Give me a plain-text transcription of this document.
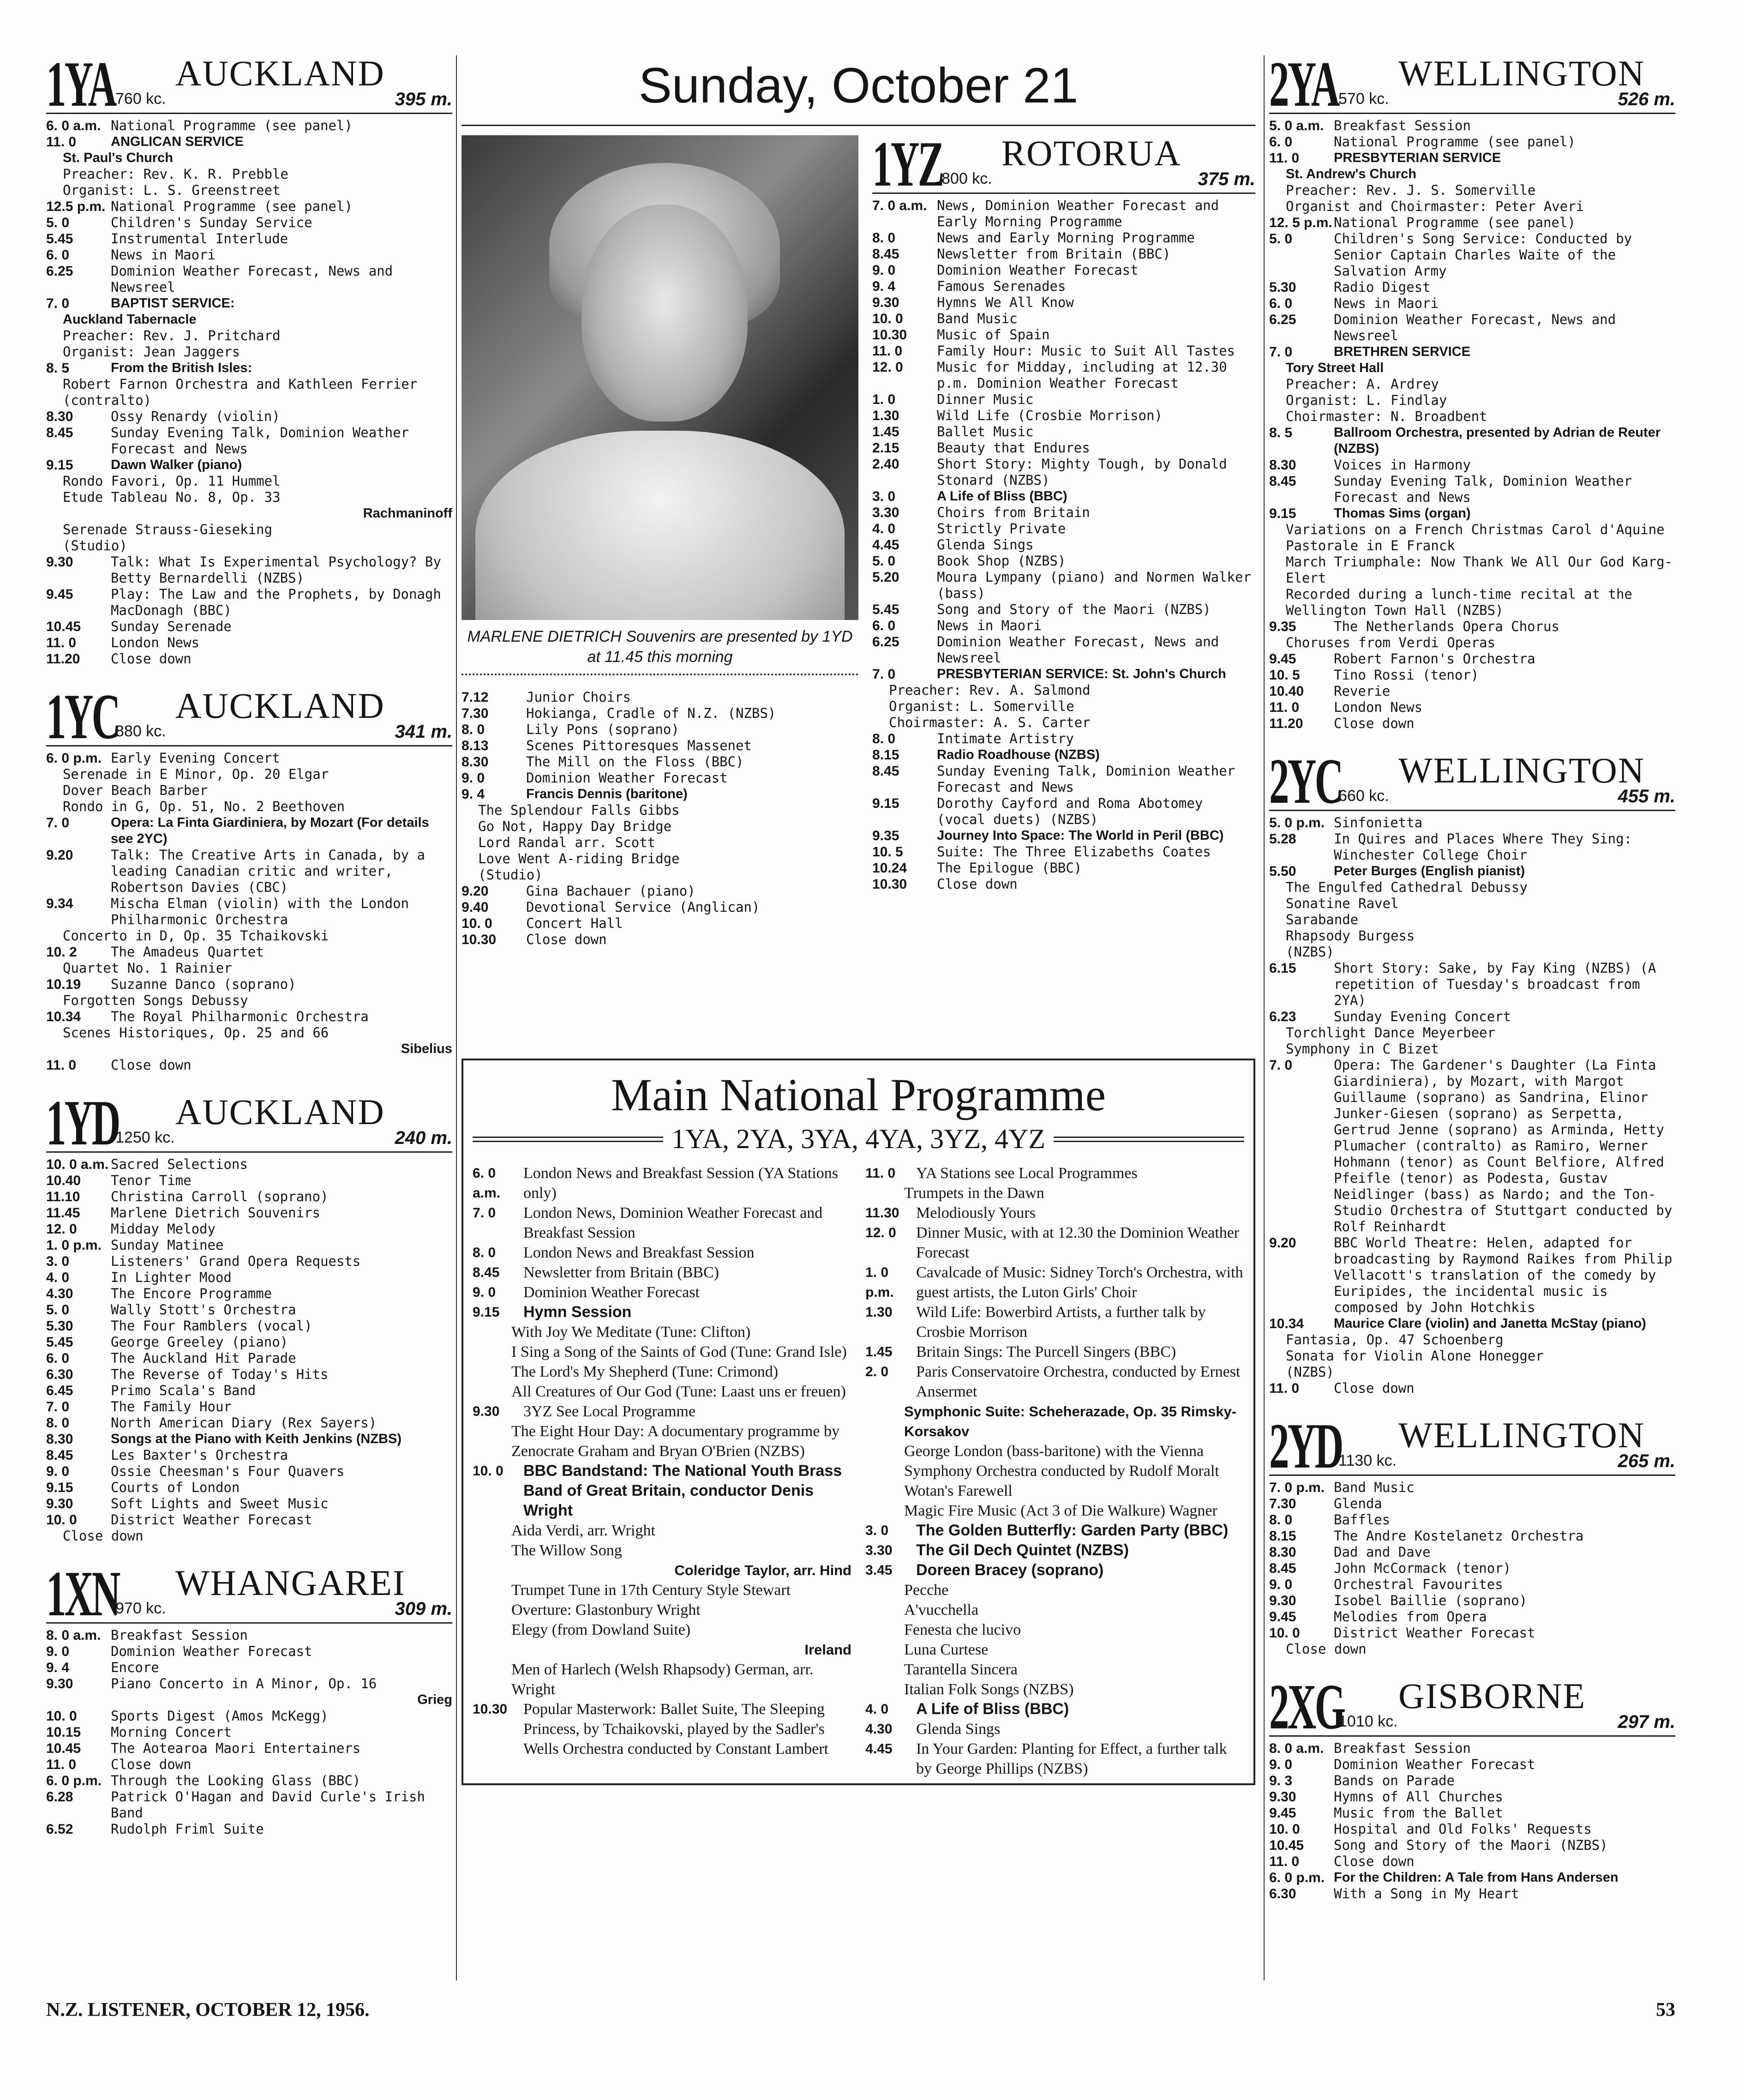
1YA 760 kc.
AUCKLAND
395 m.
6. 0 a.m. National Programme (see panel)
11. 0	ANGLICAN SERVICE
St. Paul's Church
Preacher: Rev. K. R. Prebble
Organist: L. S. Greenstreet
12.5 p.m. National Programme (see panel)
5. 0	Children's Sunday Service
5.45	Instrumental Interlude
6. 0	News in Maori
6.25	Dominion Weather Forecast, News and Newsreel
7. 0	BAPTIST SERVICE:
Auckland Tabernacle
Preacher: Rev. J. Pritchard
Organist: Jean Jaggers
8. 5	From the British Isles:
Robert Farnon Orchestra and Kathleen Ferrier (contralto)
8.30	Ossy Renardy (violin)
8.45	Sunday Evening Talk, Dominion Weather Forecast and News
9.15	Dawn Walker (piano)
Rondo Favori, Op. 11 Hummel
Etude Tableau No. 8, Op. 33
Rachmaninoff
Serenade Strauss-Gieseking
(Studio)
9.30	Talk: What Is Experimental Psychology? By Betty Bernardelli (NZBS)
9.45	Play: The Law and the Prophets, by Donagh MacDonagh (BBC)
10.45	Sunday Serenade
11. 0	London News
11.20	Close down
1YC
880 kc.
AUCKLAND
341 m.
6. 0 p.m. Early Evening Concert
Serenade in E Minor, Op. 20 Elgar
Dover Beach Barber
Rondo in G, Op. 51, No. 2 Beethoven
7. 0	Opera: La Finta Giardiniera, by Mozart (For details see 2YC)
9.20	Talk: The Creative Arts in Canada, by a leading Canadian critic and writer, Robertson Davies (CBC)
9.34	Mischa Elman (violin) with the London Philharmonic Orchestra
Concerto in D, Op. 35 Tchaikovski
10. 2	The Amadeus Quartet
Quartet No. 1 Rainier
10.19	Suzanne Danco (soprano)
Forgotten Songs Debussy
10.34	The Royal Philharmonic Orchestra
Scenes Historiques, Op. 25 and 66
Sibelius
11. 0	Close down
1YD
1250 kc.
AUCKLAND
240 m.
10. 0 a.m. Sacred Selections
10.40	Tenor Time
11.10	Christina Carroll (soprano)
11.45	Marlene Dietrich Souvenirs
12. 0	Midday Melody
1. 0 p.m. Sunday Matinee
3. 0	Listeners' Grand Opera Requests
4. 0	In Lighter Mood
4.30	The Encore Programme
5. 0	Wally Stott's Orchestra
5.30	The Four Ramblers (vocal)
5.45	George Greeley (piano)
6. 0	The Auckland Hit Parade
6.30	The Reverse of Today's Hits
6.45	Primo Scala's Band
7. 0	The Family Hour
8. 0	North American Diary (Rex Sayers)
8.30	Songs at the Piano with Keith Jenkins (NZBS)
8.45	Les Baxter's Orchestra
9. 0	Ossie Cheesman's Four Quavers
9.15	Courts of London
9.30	Soft Lights and Sweet Music
10. 0	District Weather Forecast
Close down
1XN
970 kc.
WHANGAREI
309 m.
8. 0 a.m. Breakfast Session
9. 0	Dominion Weather Forecast
9. 4	Encore
9.30	Piano Concerto in A Minor, Op. 16
Grieg
10. 0	Sports Digest (Amos McKegg)
10.15	Morning Concert
10.45	The Aotearoa Maori Entertainers
11. 0	Close down
6. 0 p.m. Through the Looking Glass (BBC)
6.28	Patrick O'Hagan and David Curle's Irish Band
6.52	Rudolph Friml Suite
Sunday, October 21
MARLENE DIETRICH Souvenirs are presented by 1YD at 11.45 this morning
7.12	Junior Choirs
7.30	Hokianga, Cradle of N.Z. (NZBS)
8. 0	Lily Pons (soprano)
8.13	Scenes Pittoresques Massenet
8.30	The Mill on the Floss (BBC)
9. 0	Dominion Weather Forecast
9. 4	Francis Dennis (baritone)
The Splendour Falls Gibbs
Go Not, Happy Day Bridge
Lord Randal arr. Scott
Love Went A-riding Bridge
(Studio)
9.20	Gina Bachauer (piano)
9.40	Devotional Service (Anglican)
10. 0	Concert Hall
10.30	Close down
1YZ
800 kc.
ROTORUA
375 m.
7. 0 a.m. News, Dominion Weather Forecast and Early Morning Programme
8. 0	News and Early Morning Programme
8.45	Newsletter from Britain (BBC)
9. 0	Dominion Weather Forecast
9. 4	Famous Serenades
9.30	Hymns We All Know
10. 0	Band Music
10.30	Music of Spain
11. 0	Family Hour: Music to Suit All Tastes
12. 0	Music for Midday, including at 12.30 p.m. Dominion Weather Forecast
1. 0	Dinner Music
1.30	Wild Life (Crosbie Morrison)
1.45	Ballet Music
2.15	Beauty that Endures
2.40	Short Story: Mighty Tough, by Donald Stonard (NZBS)
3. 0	A Life of Bliss (BBC)
3.30	Choirs from Britain
4. 0	Strictly Private
4.45	Glenda Sings
5. 0	Book Shop (NZBS)
5.20	Moura Lympany (piano) and Normen Walker (bass)
5.45	Song and Story of the Maori (NZBS)
6. 0	News in Maori
6.25	Dominion Weather Forecast, News and Newsreel
7. 0	PRESBYTERIAN SERVICE: St. John's Church
Preacher: Rev. A. Salmond
Organist: L. Somerville
Choirmaster: A. S. Carter
8. 0	Intimate Artistry
8.15	Radio Roadhouse (NZBS)
8.45	Sunday Evening Talk, Dominion Weather Forecast and News
9.15	Dorothy Cayford and Roma Abotomey (vocal duets) (NZBS)
9.35	Journey Into Space: The World in Peril (BBC)
10. 5	Suite: The Three Elizabeths Coates
10.24	The Epilogue (BBC)
10.30	Close down
Main National Programme
1YA, 2YA, 3YA, 4YA, 3YZ, 4YZ
6. 0 a.m.
London News and Breakfast Session (YA Stations only)
7. 0	London News, Dominion Weather Forecast and Breakfast Session
8. 0	London News and Breakfast Session
8.45	Newsletter from Britain (BBC)
9. 0	Dominion Weather Forecast
9.15	Hymn Session
With Joy We Meditate (Tune: Clifton)
I Sing a Song of the Saints of God (Tune: Grand Isle)
The Lord's My Shepherd (Tune: Crimond)
All Creatures of Our God (Tune: Laast uns er freuen)
9.30	3YZ See Local Programme
The Eight Hour Day: A documentary programme by Zenocrate Graham and Bryan O'Brien (NZBS)
10. 0	BBC Bandstand: The National Youth Brass Band of Great Britain, conductor Denis Wright
Aida Verdi, arr. Wright
The Willow Song
Coleridge Taylor, arr. Hind
Trumpet Tune in 17th Century Style Stewart
Overture: Glastonbury Wright
Elegy (from Dowland Suite)
Ireland
Men of Harlech (Welsh Rhapsody) German, arr. Wright
10.30	Popular Masterwork: Ballet Suite, The Sleeping Princess, by Tchaikovski, played by the Sadler's Wells Orchestra conducted by Constant Lambert
11. 0	YA Stations see Local Programmes
Trumpets in the Dawn
11.30	Melodiously Yours
12. 0	Dinner Music, with at 12.30 the Dominion Weather Forecast
1. 0 p.m.
Cavalcade of Music: Sidney Torch's Orchestra, with guest artists, the Luton Girls' Choir
1.30	Wild Life: Bowerbird Artists, a further talk by Crosbie Morrison
1.45	Britain Sings: The Purcell Singers (BBC)
2. 0	Paris Conservatoire Orchestra, conducted by Ernest Ansermet
Symphonic Suite: Scheherazade, Op. 35 Rimsky-Korsakov
George London (bass-baritone) with the Vienna Symphony Orchestra conducted by Rudolf Moralt
Wotan's Farewell
Magic Fire Music (Act 3 of Die Walkure) Wagner
3. 0	The Golden Butterfly: Garden Party (BBC)
3.30	The Gil Dech Quintet (NZBS)
3.45	Doreen Bracey (soprano)
Pecche
A'vucchella
Fenesta che lucivo
Luna Curtese
Tarantella Sincera
Italian Folk Songs (NZBS)
4. 0	A Life of Bliss (BBC)
4.30	Glenda Sings
4.45	In Your Garden: Planting for Effect, a further talk by George Phillips (NZBS)
2YA 570 kc.
WELLINGTON
526 m.
5. 0 a.m. Breakfast Session
6. 0	National Programme (see panel)
11. 0	PRESBYTERIAN SERVICE
St. Andrew's Church
Preacher: Rev. J. S. Somerville
Organist and Choirmaster: Peter Averi
12. 5 p.m. National Programme (see panel)
5. 0	Children's Song Service: Conducted by Senior Captain Charles Waite of the Salvation Army
5.30	Radio Digest
6. 0	News in Maori
6.25	Dominion Weather Forecast, News and Newsreel
7. 0	BRETHREN SERVICE
Tory Street Hall
Preacher: A. Ardrey
Organist: L. Findlay
Choirmaster: N. Broadbent
8. 5	Ballroom Orchestra, presented by Adrian de Reuter (NZBS)
8.30	Voices in Harmony
8.45	Sunday Evening Talk, Dominion Weather Forecast and News
9.15	Thomas Sims (organ)
Variations on a French Christmas Carol d'Aquine
Pastorale in E Franck
March Triumphale: Now Thank We All Our God Karg-Elert
Recorded during a lunch-time recital at the Wellington Town Hall (NZBS)
9.35	The Netherlands Opera Chorus
Choruses from Verdi Operas
9.45	Robert Farnon's Orchestra
10. 5	Tino Rossi (tenor)
10.40	Reverie
11. 0	London News
11.20	Close down
2YC
660 kc.
WELLINGTON
455 m.
5. 0 p.m. Sinfonietta
5.28	In Quires and Places Where They Sing: Winchester College Choir
5.50	Peter Burges (English pianist)
The Engulfed Cathedral Debussy
Sonatine Ravel
Sarabande
Rhapsody Burgess
(NZBS)
6.15	Short Story: Sake, by Fay King (NZBS) (A repetition of Tuesday's broadcast from 2YA)
6.23	Sunday Evening Concert
Torchlight Dance Meyerbeer
Symphony in C Bizet
7. 0	Opera: The Gardener's Daughter (La Finta Giardiniera), by Mozart, with Margot Guillaume (soprano) as Sandrina, Elinor Junker-Giesen (soprano) as Serpetta, Gertrud Jenne (soprano) as Arminda, Hetty Plumacher (contralto) as Ramiro, Werner Hohmann (tenor) as Count Belfiore, Alfred Pfeifle (tenor) as Podesta, Gustav Neidlinger (bass) as Nardo; and the Ton-Studio Orchestra of Stuttgart conducted by Rolf Reinhardt
9.20	BBC World Theatre: Helen, adapted for broadcasting by Raymond Raikes from Philip Vellacott's translation of the comedy by Euripides, the incidental music is composed by John Hotchkis
10.34	Maurice Clare (violin) and Janetta McStay (piano)
Fantasia, Op. 47 Schoenberg
Sonata for Violin Alone Honegger
(NZBS)
11. 0	Close down
2YD
1130 kc.
WELLINGTON
265 m.
7. 0 p.m. Band Music
7.30	Glenda
8. 0	Baffles
8.15	The Andre Kostelanetz Orchestra
8.30	Dad and Dave
8.45	John McCormack (tenor)
9. 0	Orchestral Favourites
9.30	Isobel Baillie (soprano)
9.45	Melodies from Opera
10. 0	District Weather Forecast
Close down
2XG
1010 kc.
GISBORNE
297 m.
8. 0 a.m. Breakfast Session
9. 0	Dominion Weather Forecast
9. 3	Bands on Parade
9.30	Hymns of All Churches
9.45	Music from the Ballet
10. 0	Hospital and Old Folks' Requests
10.45	Song and Story of the Maori (NZBS)
11. 0	Close down
6. 0 p.m. For the Children: A Tale from Hans Andersen
6.30	With a Song in My Heart
N.Z. LISTENER, OCTOBER 12, 1956.	53
